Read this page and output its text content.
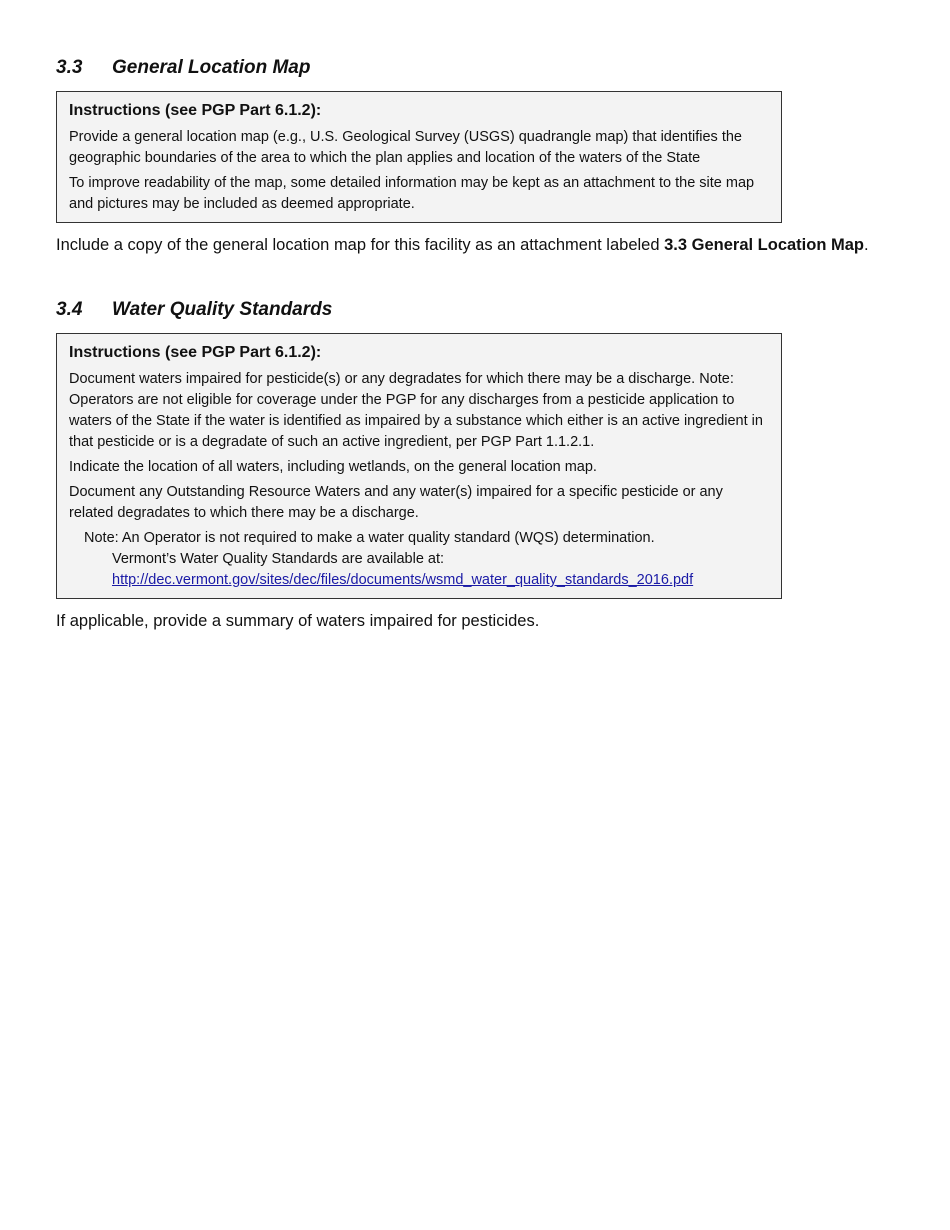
3.3	General Location Map

Instructions (see PGP Part 6.1.2):

Provide a general location map (e.g., U.S. Geological Survey (USGS) quadrangle map) that identifies the geographic boundaries of the area to which the plan applies and location of the waters of the State

To improve readability of the map, some detailed information may be kept as an attachment to the site map and pictures may be included as deemed appropriate.

Include a copy of the general location map for this facility as an attachment labeled 3.3 General Location Map.

3.4	Water Quality Standards

Instructions (see PGP Part 6.1.2):

Document waters impaired for pesticide(s) or any degradates for which there may be a discharge. Note: Operators are not eligible for coverage under the PGP for any discharges from a pesticide application to waters of the State if the water is identified as impaired by a substance which either is an active ingredient in that pesticide or is a degradate of such an active ingredient, per PGP Part 1.1.2.1.

Indicate the location of all waters, including wetlands, on the general location map.

Document any Outstanding Resource Waters and any water(s) impaired for a specific pesticide or any related degradates to which there may be a discharge.

Note: An Operator is not required to make a water quality standard (WQS) determination.
Vermont’s Water Quality Standards are available at:
http://dec.vermont.gov/sites/dec/files/documents/wsmd_water_quality_standards_2016.pdf

If applicable, provide a summary of waters impaired for pesticides.
